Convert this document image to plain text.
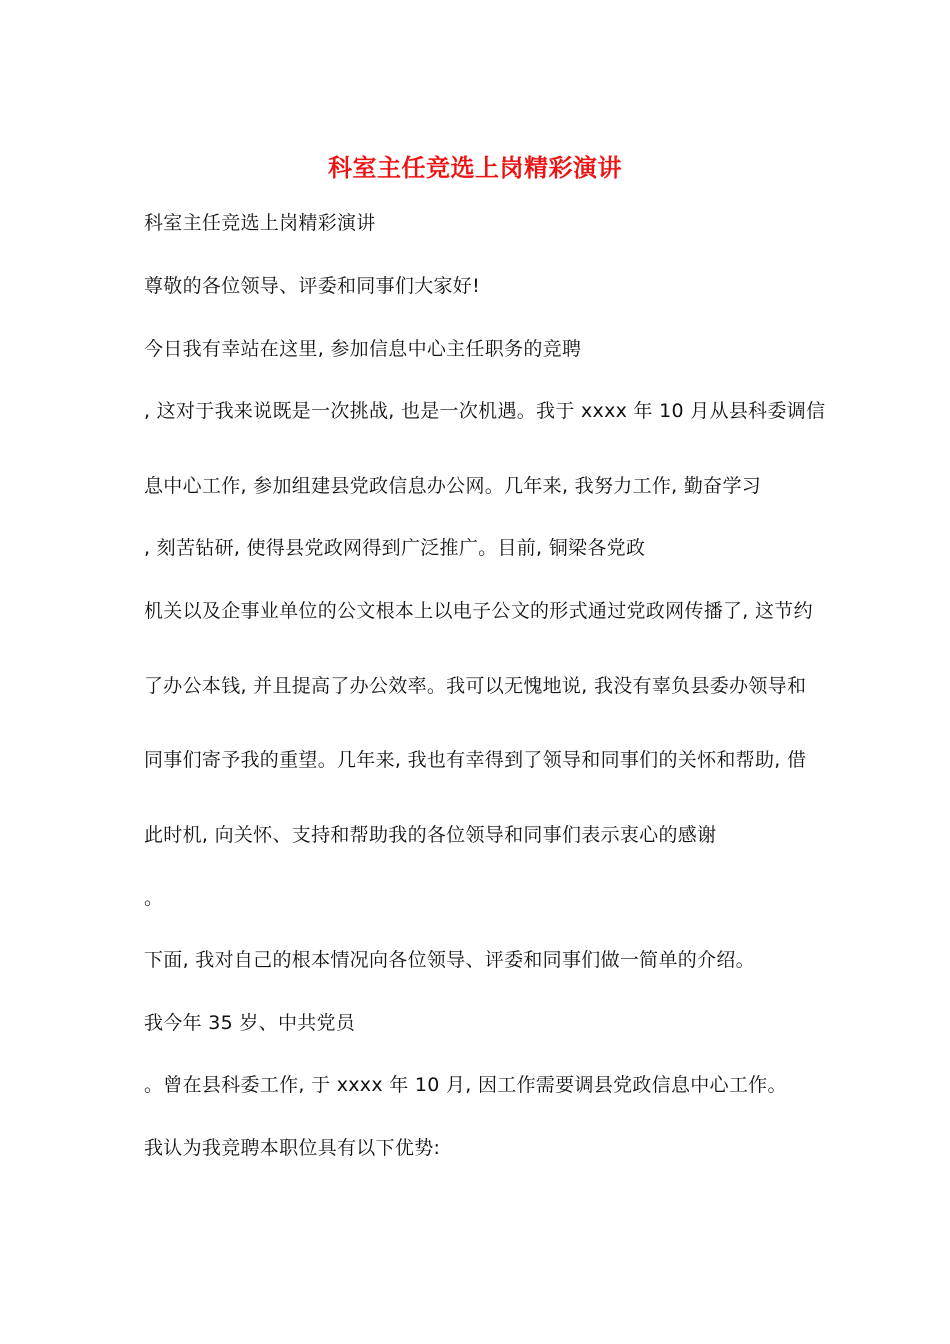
科室主任竞选上岗精彩演讲
科室主任竞选上岗精彩演讲
尊敬的各位领导、评委和同事们大家好!
今日我有幸站在这里, 参加信息中心主任职务的竞聘
, 这对于我来说既是一次挑战, 也是一次机遇。我于 xxxx 年 10 月从县科委调信
息中心工作, 参加组建县党政信息办公网。几年来, 我努力工作, 勤奋学习
, 刻苦钻研, 使得县党政网得到广泛推广。目前, 铜梁各党政
机关以及企事业单位的公文根本上以电子公文的形式通过党政网传播了, 这节约
了办公本钱, 并且提高了办公效率。我可以无愧地说, 我没有辜负县委办领导和
同事们寄予我的重望。几年来, 我也有幸得到了领导和同事们的关怀和帮助, 借
此时机, 向关怀、支持和帮助我的各位领导和同事们表示衷心的感谢
。
下面, 我对自己的根本情况向各位领导、评委和同事们做一简单的介绍。
我今年 35 岁、中共党员
。曾在县科委工作, 于 xxxx 年 10 月, 因工作需要调县党政信息中心工作。
我认为我竞聘本职位具有以下优势:
